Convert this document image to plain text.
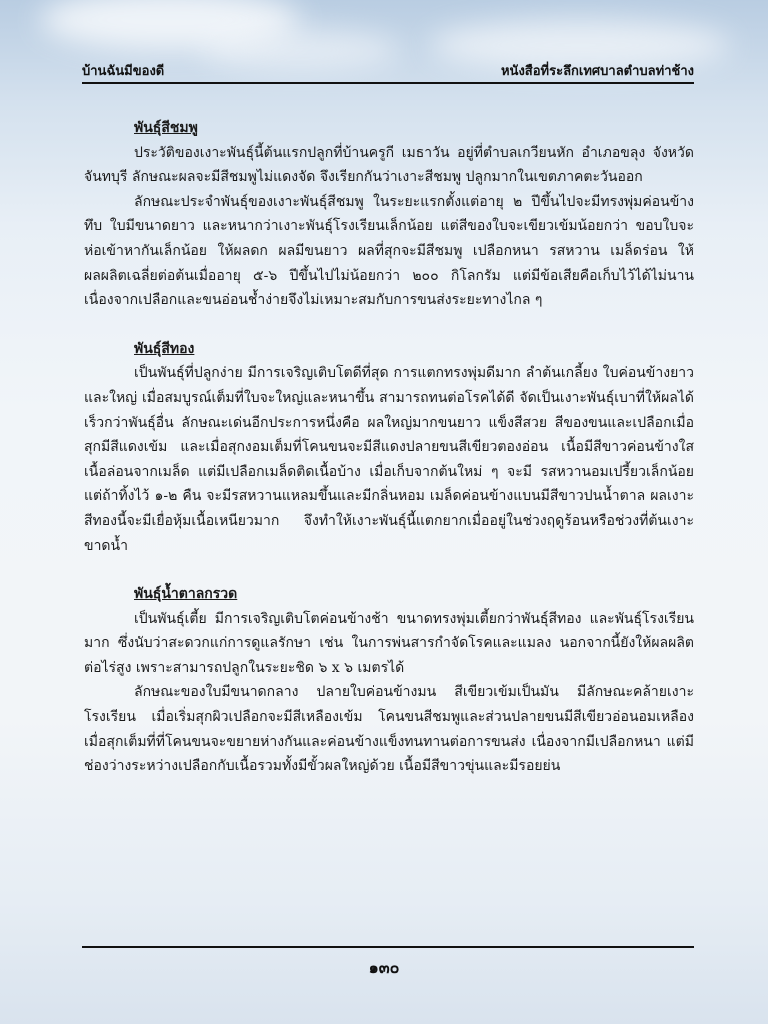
บ้านฉันมีของดี	หนังสือที่ระลึกเทศบาลตำบลท่าช้าง
พันธุ์สีชมพู

ประวัติของเงาะพันธุ์นี้ต้นแรกปลูกที่บ้านครูกี เมธาวัน อยู่ที่ตำบลเกวียนหัก อำเภอขลุง จังหวัดจันทบุรี ลักษณะผลจะมีสีชมพูไม่แดงจัด จึงเรียกกันว่าเงาะสีชมพู ปลูกมากในเขตภาคตะวันออก

ลักษณะประจำพันธุ์ของเงาะพันธุ์สีชมพู ในระยะแรกตั้งแต่อายุ ๒ ปีขึ้นไปจะมีทรงพุ่มค่อนข้างทึบ ใบมีขนาดยาว และหนากว่าเงาะพันธุ์โรงเรียนเล็กน้อย แต่สีของใบจะเขียวเข้มน้อยกว่า ขอบใบจะห่อเข้าหากันเล็กน้อย ให้ผลดก ผลมีขนยาว ผลที่สุกจะมีสีชมพู เปลือกหนา รสหวาน เมล็ดร่อน ให้ผลผลิตเฉลี่ยต่อต้นเมื่ออายุ ๕-๖ ปีขึ้นไปไม่น้อยกว่า ๒๐๐ กิโลกรัม แต่มีข้อเสียคือเก็บไว้ได้ไม่นานเนื่องจากเปลือกและขนอ่อนช้ำง่ายจึงไม่เหมาะสมกับการขนส่งระยะทางไกล ๆ

พันธุ์สีทอง

เป็นพันธุ์ที่ปลูกง่าย มีการเจริญเติบโตดีที่สุด การแตกทรงพุ่มดีมาก ลำต้นเกลี้ยง ใบค่อนข้างยาวและใหญ่ เมื่อสมบูรณ์เต็มที่ใบจะใหญ่และหนาขึ้น สามารถทนต่อโรคได้ดี จัดเป็นเงาะพันธุ์เบาที่ให้ผลได้เร็วกว่าพันธุ์อื่น ลักษณะเด่นอีกประการหนึ่งคือ ผลใหญ่มากขนยาว แข็งสีสวย สีของขนและเปลือกเมื่อสุกมีสีแดงเข้ม และเมื่อสุกงอมเต็มที่โคนขนจะมีสีแดงปลายขนสีเขียวตองอ่อน เนื้อมีสีขาวค่อนข้างใส เนื้อล่อนจากเมล็ด แต่มีเปลือกเมล็ดติดเนื้อบ้าง เมื่อเก็บจากต้นใหม่ ๆ จะมี รสหวานอมเปรี้ยวเล็กน้อย แต่ถ้าทิ้งไว้ ๑-๒ คืน จะมีรสหวานแหลมขึ้นและมีกลิ่นหอม เมล็ดค่อนข้างแบนมีสีขาวปนน้ำตาล ผลเงาะสีทองนี้จะมีเยื่อหุ้มเนื้อเหนียวมาก จึงทำให้เงาะพันธุ์นี้แตกยากเมื่ออยู่ในช่วงฤดูร้อนหรือช่วงที่ต้นเงาะขาดน้ำ

พันธุ์น้ำตาลกรวด

เป็นพันธุ์เตี้ย มีการเจริญเติบโตค่อนข้างช้า ขนาดทรงพุ่มเตี้ยกว่าพันธุ์สีทอง และพันธุ์โรงเรียนมาก ซึ่งนับว่าสะดวกแก่การดูแลรักษา เช่น ในการพ่นสารกำจัดโรคและแมลง นอกจากนี้ยังให้ผลผลิตต่อไร่สูง เพราะสามารถปลูกในระยะชิด ๖ x ๖ เมตรได้

ลักษณะของใบมีขนาดกลาง ปลายใบค่อนข้างมน สีเขียวเข้มเป็นมัน มีลักษณะคล้ายเงาะโรงเรียน เมื่อเริ่มสุกผิวเปลือกจะมีสีเหลืองเข้ม โคนขนสีชมพูและส่วนปลายขนมีสีเขียวอ่อนอมเหลือง เมื่อสุกเต็มที่ที่โคนขนจะขยายห่างกันและค่อนข้างแข็งทนทานต่อการขนส่ง เนื่องจากมีเปลือกหนา แต่มีช่องว่างระหว่างเปลือกกับเนื้อรวมทั้งมีขั้วผลใหญ่ด้วย เนื้อมีสีขาวขุ่นและมีรอยย่น

๑๓๐
